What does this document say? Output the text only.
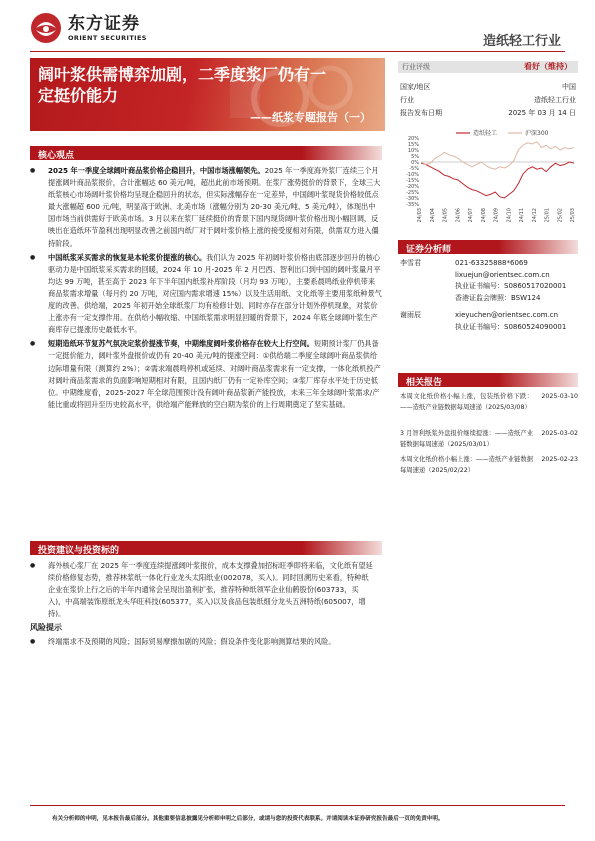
东方证券
ORIENT SECURITIES	造纸轻工行业
阔叶浆供需博弈加剧，二季度浆厂仍有一
定挺价能力
——纸浆专题报告（一）
行业评级	看好（维持）
国家/地区	中国
行业	造纸轻工行业
报告发布日期	2025 年 03 月 14 日
20%
15%
10%
5%
0%
-5%
-10%
-15%
-20%
-25%
-30%
-35%
24/03 24/04 24/05 24/06 24/07 24/08 24/09 24/10 24/11 24/12 25/01 25/02 25/03
造纸轻工	沪深300
核心观点
● 2025 年一季度全球阔叶商品浆价格企稳回升，中国市场涨幅领先。2025 年一季度海外浆厂连续三个月提涨阔叶商品浆报价，合计涨幅达 60 美元/吨，超出此前市场预期。在浆厂涨势挺价的背景下，全球三大纸浆核心市场阔叶浆价格均呈现企稳回升的状态，但实际涨幅存在一定差异，中国阔叶浆现货价格较低点最大涨幅超 600 元/吨，明显高于欧洲、北美市场（涨幅分别为 20-30 美元/吨、5 美元/吨），体现出中国市场当前供需好于欧美市场。3 月以来在浆厂延续挺价的背景下国内现货阔叶浆价格出现小幅回调，反映出在造纸环节盈利出现明显改善之前国内纸厂对于阔叶浆价格上涨的接受度相对有限，供需双方进入僵持阶段。
● 中国纸浆采买需求的恢复是本轮浆价提涨的核心。我们认为 2025 年初阔叶浆价格由底部逐步回升的核心驱动力是中国纸浆采买需求的回暖，2024 年 10 月-2025 年 2 月巴西、智利出口到中国的阔叶浆量月平均达 99 万吨，甚至高于 2023 年下半年国内纸浆补库阶段（月均 93 万吨），主要系晨鸣纸业停机带来商品浆需求增量（每月约 20 万吨，对应国内需求增速 15%）以及生活用纸、文化纸等主要用浆纸种景气度的改善。供给端，2025 年初开始全球纸浆厂均有检修计划、同时亦存在部分计划外停机现象，对浆价上涨亦有一定支撑作用。在供给小幅收缩、中国纸浆需求明显回暖的背景下，2024 年底全球阔叶浆生产商库存已提涨历史最低水平。
● 短期造纸环节复苏气氛决定浆价提涨节奏，中期维度阔叶浆价格存在较大上行空间。短期预计浆厂仍具备一定挺价能力，阔叶浆外盘报价或仍有 20-40 美元/吨的提涨空间：①供给端二季度全球阔叶商品浆供给边际增量有限（测算约 2%）；②需求端晨鸣停机或延续、对阔叶商品浆需求有一定支撑，一体化纸机投产对阔叶商品浆需求的负面影响短期相对有限，且国内纸厂仍有一定补库空间；③浆厂库存水平处于历史低位。中期维度看，2025-2027 年全球范围预计没有阔叶商品浆新产能投放，未来三年全球阔叶浆需求/产能比重或将回升至历史较高水平，供给端产能释放的空白期为浆价的上行周期奠定了坚实基础。
投资建议与投资标的
● 海外核心浆厂在 2025 年一季度连续提涨阔叶浆报价，成本支撑叠加招标旺季即将来临，文化纸有望延续价格修复态势，推荐林浆纸一体化行业龙头太阳纸业(002078，买入)。同时回溯历史来看，特种纸企业在浆价上行之后的半年内通常会呈现出盈利扩张，推荐特种纸领军企业仙鹤股份(603733，买入)，中高端装饰原纸龙头华旺科技(605377，买入)以及食品包装纸细分龙头五洲特纸(605007，增持)。
风险提示
● 终端需求不及预期的风险；国际贸易摩擦加剧的风险；假设条件变化影响测算结果的风险。
证券分析师
李雪君	021-63325888*6069
lixuejun@orientsec.com.cn
执业证书编号：S0860517020001
香港证监会牌照：BSW124
谢雨辰	xieyuchen@orientsec.com.cn
执业证书编号：S0860524090001
相关报告
本周文化纸价格小幅上涨，包装纸价格下跌：——造纸产业链数据每周速递（2025/03/08）
2025-03-10
3 月智利纸浆外盘报价继续提涨：——造纸产业链数据每周速递（2025/03/01）
2025-03-02
本周文化纸价格小幅上涨：——造纸产业链数据每周速递（2025/02/22）
2025-02-23
有关分析师的申明，见本报告最后部分。其他重要信息披露见分析师申明之后部分，或请与您的投资代表联系。并请阅读本证券研究报告最后一页的免责申明。
